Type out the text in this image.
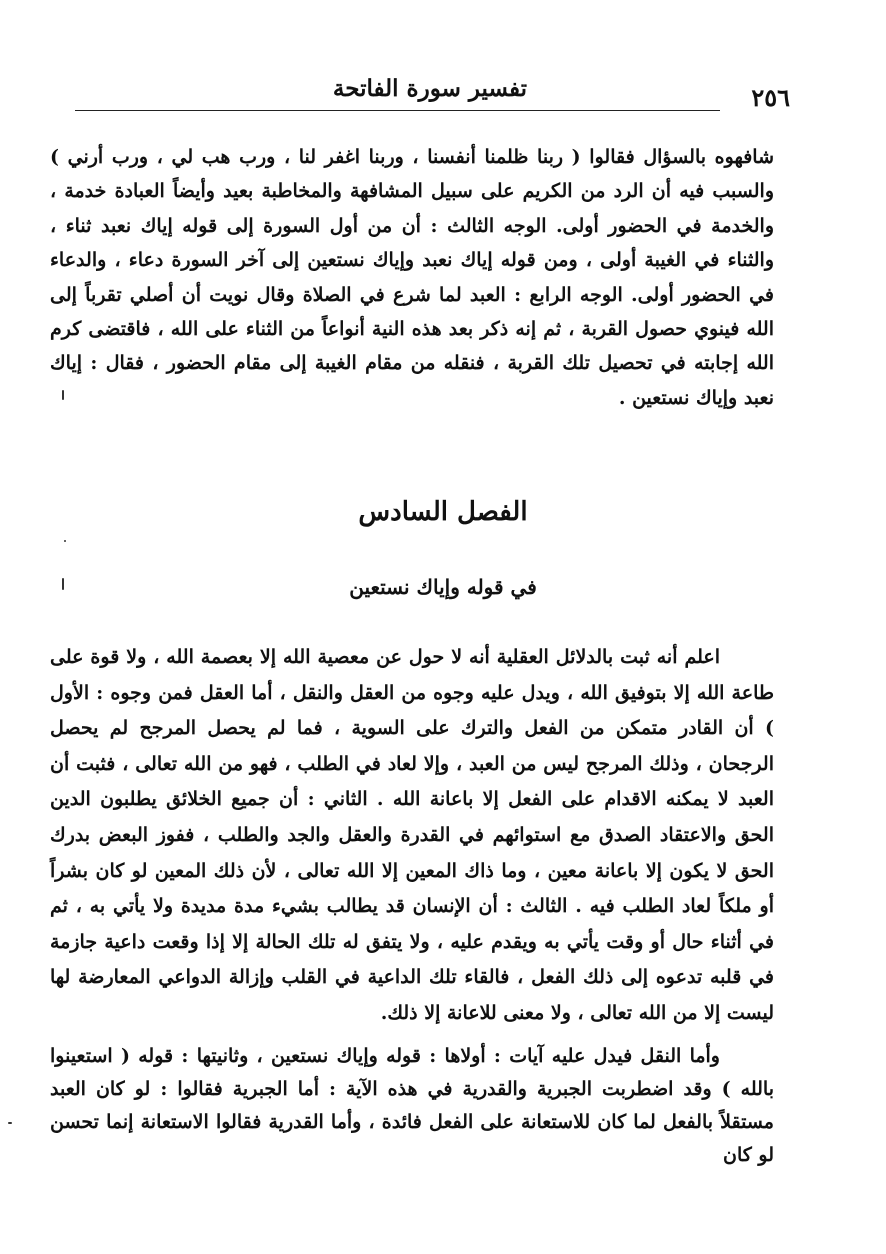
٢٥٦
تفسير سورة الفاتحة

شافهوه بالسؤال فقالوا ( ربنا ظلمنا أنفسنا ، وربنا اغفر لنا ، ورب هب لي ، ورب أرني ) والسبب فيه أن الرد من الكريم على سبيل المشافهة والمخاطبة بعيد وأيضاً العبادة خدمة ، والخدمة في الحضور أولى. الوجه الثالث : أن من أول السورة إلى قوله إياك نعبد ثناء ، والثناء في الغيبة أولى ، ومن قوله إياك نعبد وإياك نستعين إلى آخر السورة دعاء ، والدعاء في الحضور أولى. الوجه الرابع : العبد لما شرع في الصلاة وقال نويت أن أصلي تقرباً إلى الله فينوي حصول القربة ، ثم إنه ذكر بعد هذه النية أنواعاً من الثناء على الله ، فاقتضى كرم الله إجابته في تحصيل تلك القربة ، فنقله من مقام الغيبة إلى مقام الحضور ، فقال : إياك نعبد وإياك نستعين .

الفصل السادس
في قوله وإياك نستعين

اعلم أنه ثبت بالدلائل العقلية أنه لا حول عن معصية الله إلا بعصمة الله ، ولا قوة على طاعة الله إلا بتوفيق الله ، ويدل عليه وجوه من العقل والنقل ، أما العقل فمن وجوه : الأول ) أن القادر متمكن من الفعل والترك على السوية ، فما لم يحصل المرجح لم يحصل الرجحان ، وذلك المرجح ليس من العبد ، وإلا لعاد في الطلب ، فهو من الله تعالى ، فثبت أن العبد لا يمكنه الاقدام على الفعل إلا باعانة الله . الثاني : أن جميع الخلائق يطلبون الدين الحق والاعتقاد الصدق مع استوائهم في القدرة والعقل والجد والطلب ، ففوز البعض بدرك الحق لا يكون إلا باعانة معين ، وما ذاك المعين إلا الله تعالى ، لأن ذلك المعين لو كان بشراً أو ملكاً لعاد الطلب فيه . الثالث : أن الإنسان قد يطالب بشيء مدة مديدة ولا يأتي به ، ثم في أثناء حال أو وقت يأتي به ويقدم عليه ، ولا يتفق له تلك الحالة إلا إذا وقعت داعية جازمة في قلبه تدعوه إلى ذلك الفعل ، فالقاء تلك الداعية في القلب وإزالة الدواعي المعارضة لها ليست إلا من الله تعالى ، ولا معنى للاعانة إلا ذلك.

وأما النقل فيدل عليه آيات : أولاها : قوله وإياك نستعين ، وثانيتها : قوله ( استعينوا بالله ) وقد اضطربت الجبرية والقدرية في هذه الآية : أما الجبرية فقالوا : لو كان العبد مستقلاً بالفعل لما كان للاستعانة على الفعل فائدة ، وأما القدرية فقالوا الاستعانة إنما تحسن لو كان
